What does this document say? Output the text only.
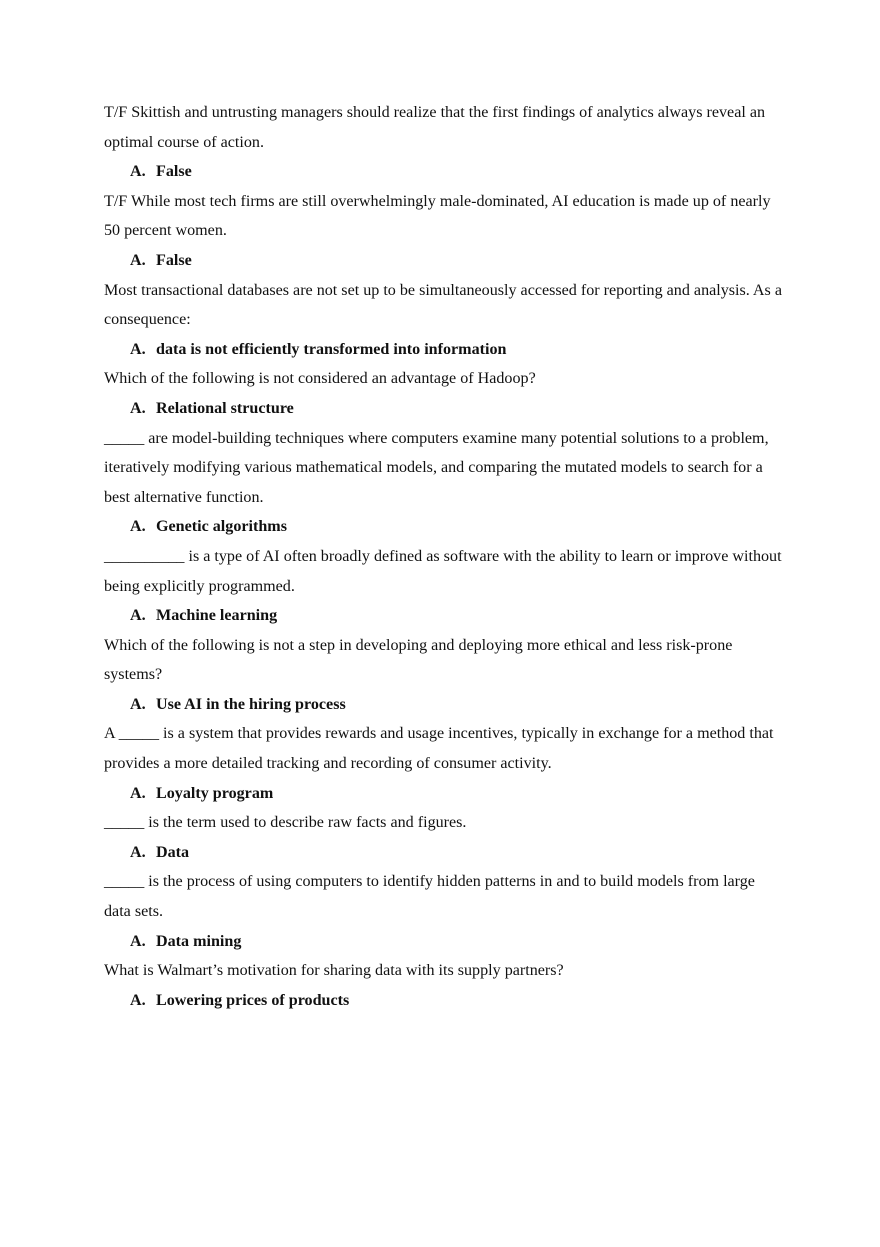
T/F Skittish and untrusting managers should realize that the first findings of analytics always reveal an optimal course of action.

A. False

T/F While most tech firms are still overwhelmingly male-dominated, AI education is made up of nearly 50 percent women.

A. False

Most transactional databases are not set up to be simultaneously accessed for reporting and analysis. As a consequence:

A. data is not efficiently transformed into information

Which of the following is not considered an advantage of Hadoop?

A. Relational structure

_____ are model-building techniques where computers examine many potential solutions to a problem, iteratively modifying various mathematical models, and comparing the mutated models to search for a best alternative function.

A. Genetic algorithms

__________ is a type of AI often broadly defined as software with the ability to learn or improve without being explicitly programmed.

A. Machine learning

Which of the following is not a step in developing and deploying more ethical and less risk-prone systems?

A. Use AI in the hiring process

A _____ is a system that provides rewards and usage incentives, typically in exchange for a method that provides a more detailed tracking and recording of consumer activity.

A. Loyalty program

_____ is the term used to describe raw facts and figures.

A. Data

_____ is the process of using computers to identify hidden patterns in and to build models from large data sets.

A. Data mining

What is Walmart’s motivation for sharing data with its supply partners?

A. Lowering prices of products
